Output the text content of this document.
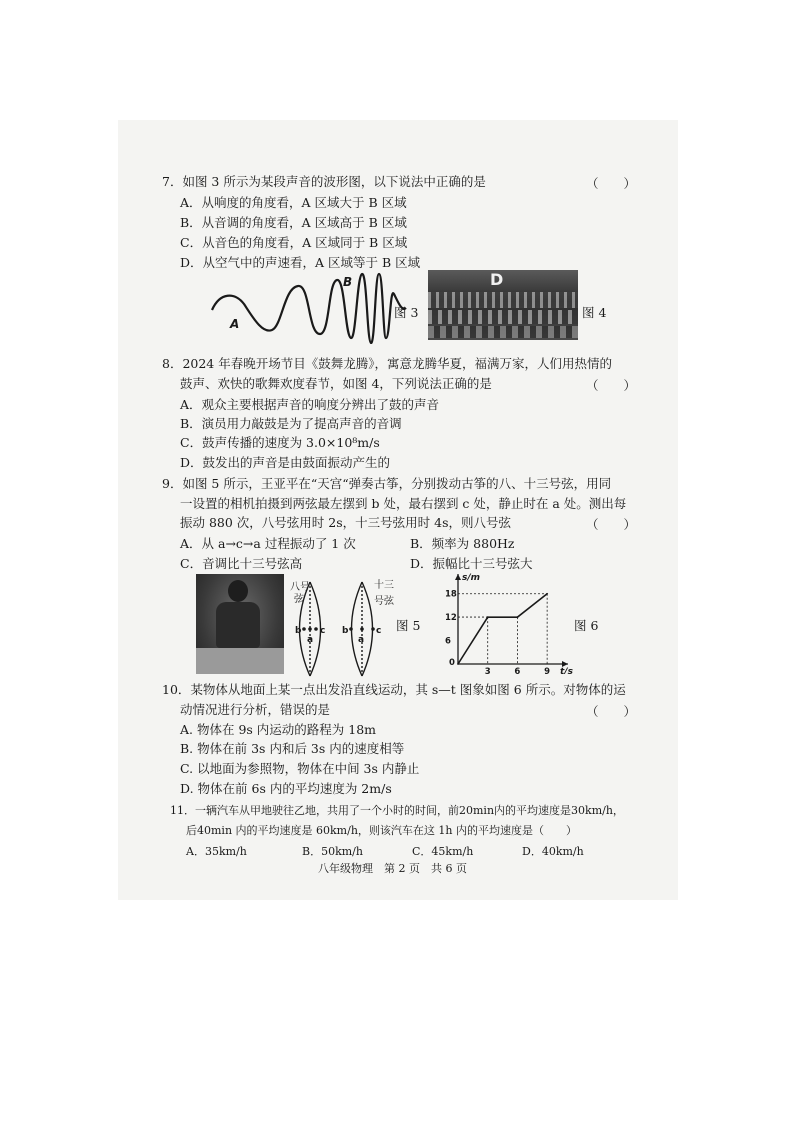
7．如图 3 所示为某段声音的波形图，以下说法中正确的是	（　　）
A．从响度的角度看，A 区域大于 B 区域
B．从音调的角度看，A 区域高于 B 区域
C．从音色的角度看，A 区域同于 B 区域
D．从空气中的声速看，A 区域等于 B 区域
A
B
图 3
D
图 4
8．2024 年春晚开场节目《鼓舞龙腾》，寓意龙腾华夏，福满万家，人们用热情的
鼓声、欢快的歌舞欢度春节，如图 4，下列说法正确的是	（　　）
A．观众主要根据声音的响度分辨出了鼓的声音
B．演员用力敲鼓是为了提高声音的音调
C．鼓声传播的速度为 3.0×10⁸m/s
D．鼓发出的声音是由鼓面振动产生的
9．如图 5 所示，王亚平在“天宫“弹奏古筝，分别拨动古筝的八、十三号弦，用同
一设置的相机拍摄到两弦最左摆到 b 处，最右摆到 c 处，静止时在 a 处。测出每
振动 880 次，八号弦用时 2s，十三号弦用时 4s，则八号弦	（　　）
A．从 a→c→a 过程振动了 1 次	B．频率为 880Hz
C．音调比十三号弦高	D．振幅比十三号弦大
八号
弦
b
a
c
十三
号弦
b
a
c 图 5
t/s
s/m
0
3	6	9
6
12
18
图 6
10．某物体从地面上某一点出发沿直线运动，其 s—t 图象如图 6 所示。对物体的运
动情况进行分析，错误的是	（　　）
A. 物体在 9s 内运动的路程为 18m
B. 物体在前 3s 内和后 3s 内的速度相等
C. 以地面为参照物，物体在中间 3s 内静止
D. 物体在前 6s 内的平均速度为 2m/s
11．一辆汽车从甲地驶往乙地，共用了一个小时的时间，前20min内的平均速度是30km/h，
后40min 内的平均速度是 60km/h，则该汽车在这 1h 内的平均速度是（　　）
A．35km/h	B．50km/h	C．45km/h	D．40km/h
八年级物理　第 2 页　共 6 页
